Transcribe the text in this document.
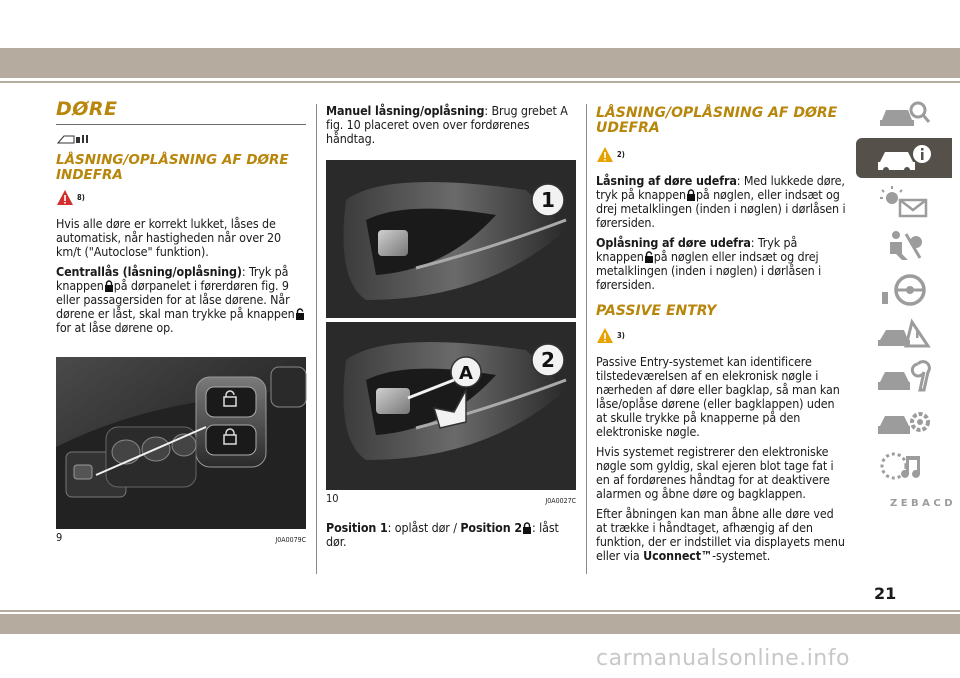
DØRE
LÅSNING/OPLÅSNING AF DØRE INDEFRA
8)

Hvis alle døre er korrekt lukket, låses de automatisk, når hastigheden når over 20 km/t ("Autoclose" funktion).

Centrallås (låsning/oplåsning): Tryk på knappen på dørpanelet i førerdøren fig. 9 eller passagersiden for at låse dørene. Når dørene er låst, skal man trykke på knappenfor at låse dørene op.

9	J0A0079C

Manuel låsning/oplåsning: Brug grebet A fig. 10 placeret oven over fordørenes håndtag.

1
2
A
10	J0A0027C

Position 1: oplåst dør / Position 2 : låst dør.

LÅSNING/OPLÅSNING AF DØRE UDEFRA
2)

Låsning af døre udefra: Med lukkede døre, tryk på knappen på nøglen, eller indsæt og drej metalklingen (inden i nøglen) i dørlåsen i førersiden.

Oplåsning af døre udefra: Tryk på knappen på nøglen eller indsæt og drej metalklingen (inden i nøglen) i dørlåsen i førersiden.

PASSIVE ENTRY
3)

Passive Entry-systemet kan identificere tilstedeværelsen af en elekronisk nøgle i nærheden af døre eller bagklap, så man kan låse/oplåse dørene (eller bagklappen) uden at skulle trykke på knapperne på den elektroniske nøgle.

Hvis systemet registrerer den elektroniske nøgle som gyldig, skal ejeren blot tage fat i en af fordørenes håndtag for at deaktivere alarmen og åbne døre og bagklappen.

Efter åbningen kan man åbne alle døre ved at trække i håndtaget, afhængig af den funktion, der er indstillet via displayets menu eller via Uconnect™-systemet.

Z E B A C D
21
carmanualsonline.info
